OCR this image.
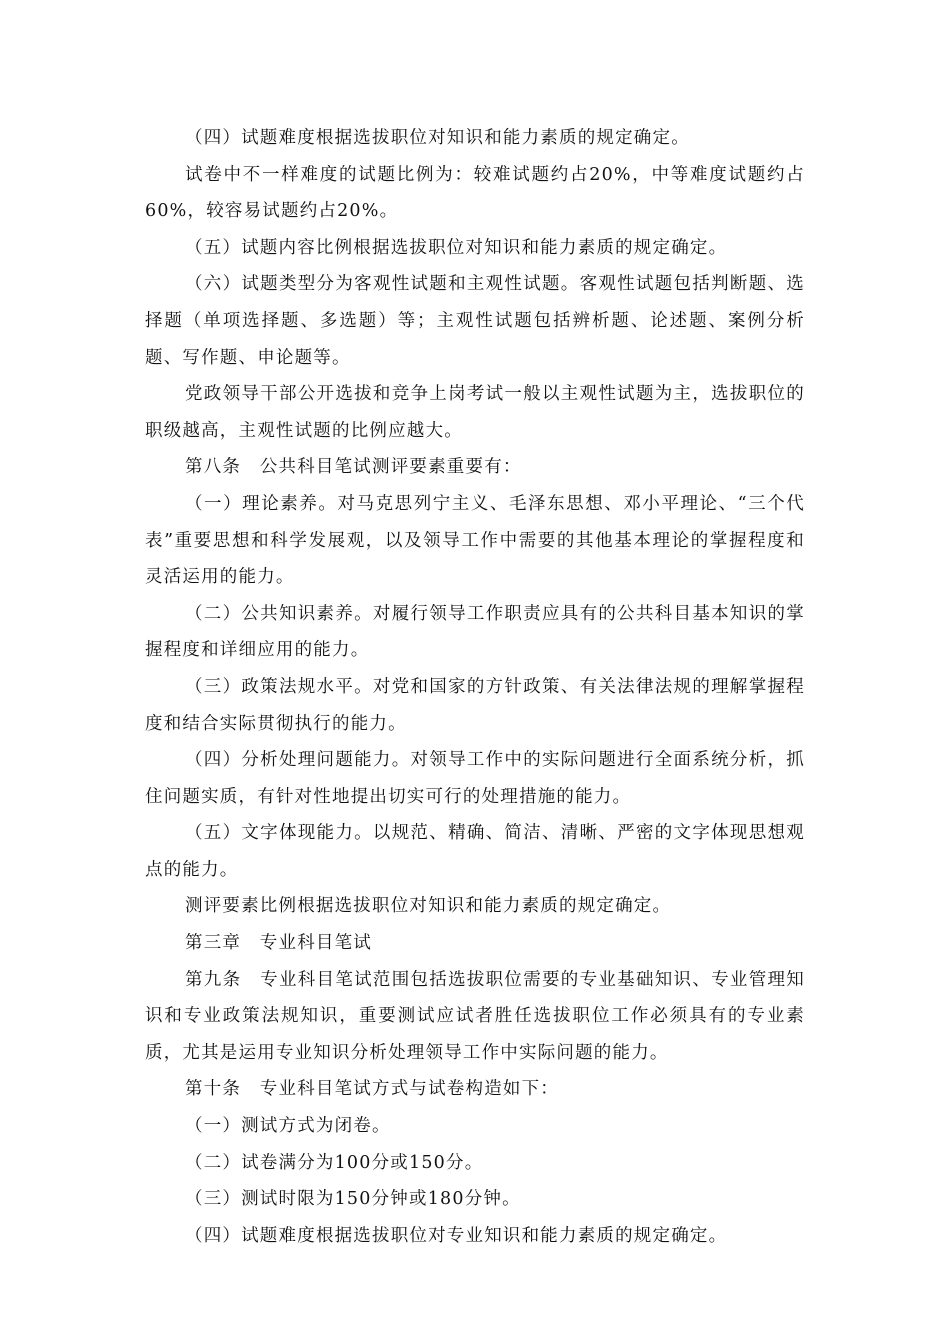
（四）试题难度根据选拔职位对知识和能力素质的规定确定。

试卷中不一样难度的试题比例为：较难试题约占20%，中等难度试题约占60%，较容易试题约占20%。

（五）试题内容比例根据选拔职位对知识和能力素质的规定确定。

（六）试题类型分为客观性试题和主观性试题。客观性试题包括判断题、选择题（单项选择题、多选题）等；主观性试题包括辨析题、论述题、案例分析题、写作题、申论题等。

党政领导干部公开选拔和竞争上岗考试一般以主观性试题为主，选拔职位的职级越高，主观性试题的比例应越大。

第八条　公共科目笔试测评要素重要有：

（一）理论素养。对马克思列宁主义、毛泽东思想、邓小平理论、“三个代表”重要思想和科学发展观，以及领导工作中需要的其他基本理论的掌握程度和灵活运用的能力。

（二）公共知识素养。对履行领导工作职责应具有的公共科目基本知识的掌握程度和详细应用的能力。

（三）政策法规水平。对党和国家的方针政策、有关法律法规的理解掌握程度和结合实际贯彻执行的能力。

（四）分析处理问题能力。对领导工作中的实际问题进行全面系统分析，抓住问题实质，有针对性地提出切实可行的处理措施的能力。

（五）文字体现能力。以规范、精确、简洁、清晰、严密的文字体现思想观点的能力。

测评要素比例根据选拔职位对知识和能力素质的规定确定。

第三章　专业科目笔试

第九条　专业科目笔试范围包括选拔职位需要的专业基础知识、专业管理知识和专业政策法规知识，重要测试应试者胜任选拔职位工作必须具有的专业素质，尤其是运用专业知识分析处理领导工作中实际问题的能力。

第十条　专业科目笔试方式与试卷构造如下：

（一）测试方式为闭卷。

（二）试卷满分为100分或150分。

（三）测试时限为150分钟或180分钟。

（四）试题难度根据选拔职位对专业知识和能力素质的规定确定。
